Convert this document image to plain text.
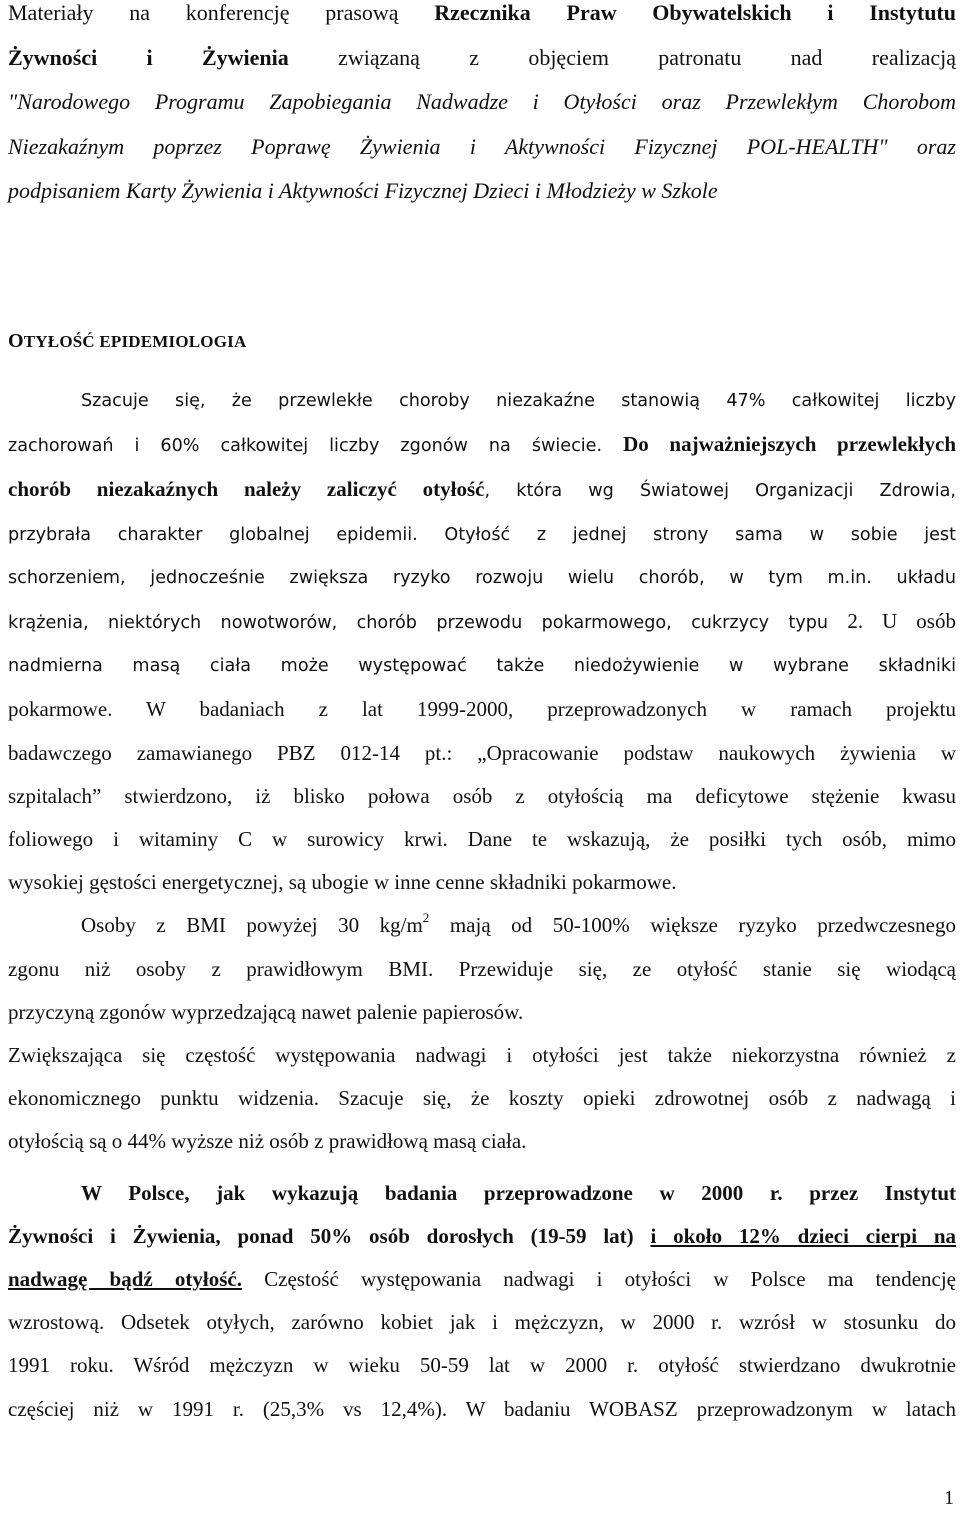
Materiały na konferencję prasową Rzecznika Praw Obywatelskich i Instytutu
Żywności i Żywienia związaną z objęciem patronatu nad realizacją
"Narodowego Programu Zapobiegania Nadwadze i Otyłości oraz Przewlekłym Chorobom
Niezakaźnym poprzez Poprawę Żywienia i Aktywności Fizycznej POL-HEALTH" oraz
podpisaniem Karty Żywienia i Aktywności Fizycznej Dzieci i Młodzieży w Szkole
OTYŁOŚĆ EPIDEMIOLOGIA

Szacuje się, że przewlekłe choroby niezakaźne stanowią 47% całkowitej liczby
zachorowań i 60% całkowitej liczby zgonów na świecie. Do najważniejszych przewlekłych
chorób niezakaźnych należy zaliczyć otyłość, która wg Światowej Organizacji Zdrowia,
przybrała charakter globalnej epidemii. Otyłość z jednej strony sama w sobie jest
schorzeniem, jednocześnie zwiększa ryzyko rozwoju wielu chorób, w tym m.in. układu
krążenia, niektórych nowotworów, chorób przewodu pokarmowego, cukrzycy typu 2. U osób
nadmierna masą ciała może występować także niedożywienie w wybrane składniki
pokarmowe. W badaniach z lat 1999-2000, przeprowadzonych w ramach projektu
badawczego zamawianego PBZ 012-14 pt.: „Opracowanie podstaw naukowych żywienia w
szpitalach” stwierdzono, iż blisko połowa osób z otyłością ma deficytowe stężenie kwasu
foliowego i witaminy C w surowicy krwi. Dane te wskazują, że posiłki tych osób, mimo
wysokiej gęstości energetycznej, są ubogie w inne cenne składniki pokarmowe.

Osoby z BMI powyżej 30 $kg/m^2$ mają od 50-100% większe ryzyko przedwczesnego
zgonu niż osoby z prawidłowym BMI. Przewiduje się, ze otyłość stanie się wiodącą
przyczyną zgonów wyprzedzającą nawet palenie papierosów.

Zwiększająca się częstość występowania nadwagi i otyłości jest także niekorzystna również z
ekonomicznego punktu widzenia. Szacuje się, że koszty opieki zdrowotnej osób z nadwagą i
otyłością są o 44% wyższe niż osób z prawidłową masą ciała.

W Polsce, jak wykazują badania przeprowadzone w 2000 r. przez Instytut
Żywności i Żywienia, ponad 50% osób dorosłych (19-59 lat) i około 12% dzieci cierpi na
nadwagę bądź otyłość. Częstość występowania nadwagi i otyłości w Polsce ma tendencję
wzrostową. Odsetek otyłych, zarówno kobiet jak i mężczyzn, w 2000 r. wzrósł w stosunku do
1991 roku. Wśród mężczyzn w wieku 50-59 lat w 2000 r. otyłość stwierdzano dwukrotnie
częściej niż w 1991 r. (25,3% vs 12,4%). W badaniu WOBASZ przeprowadzonym w latach

1
